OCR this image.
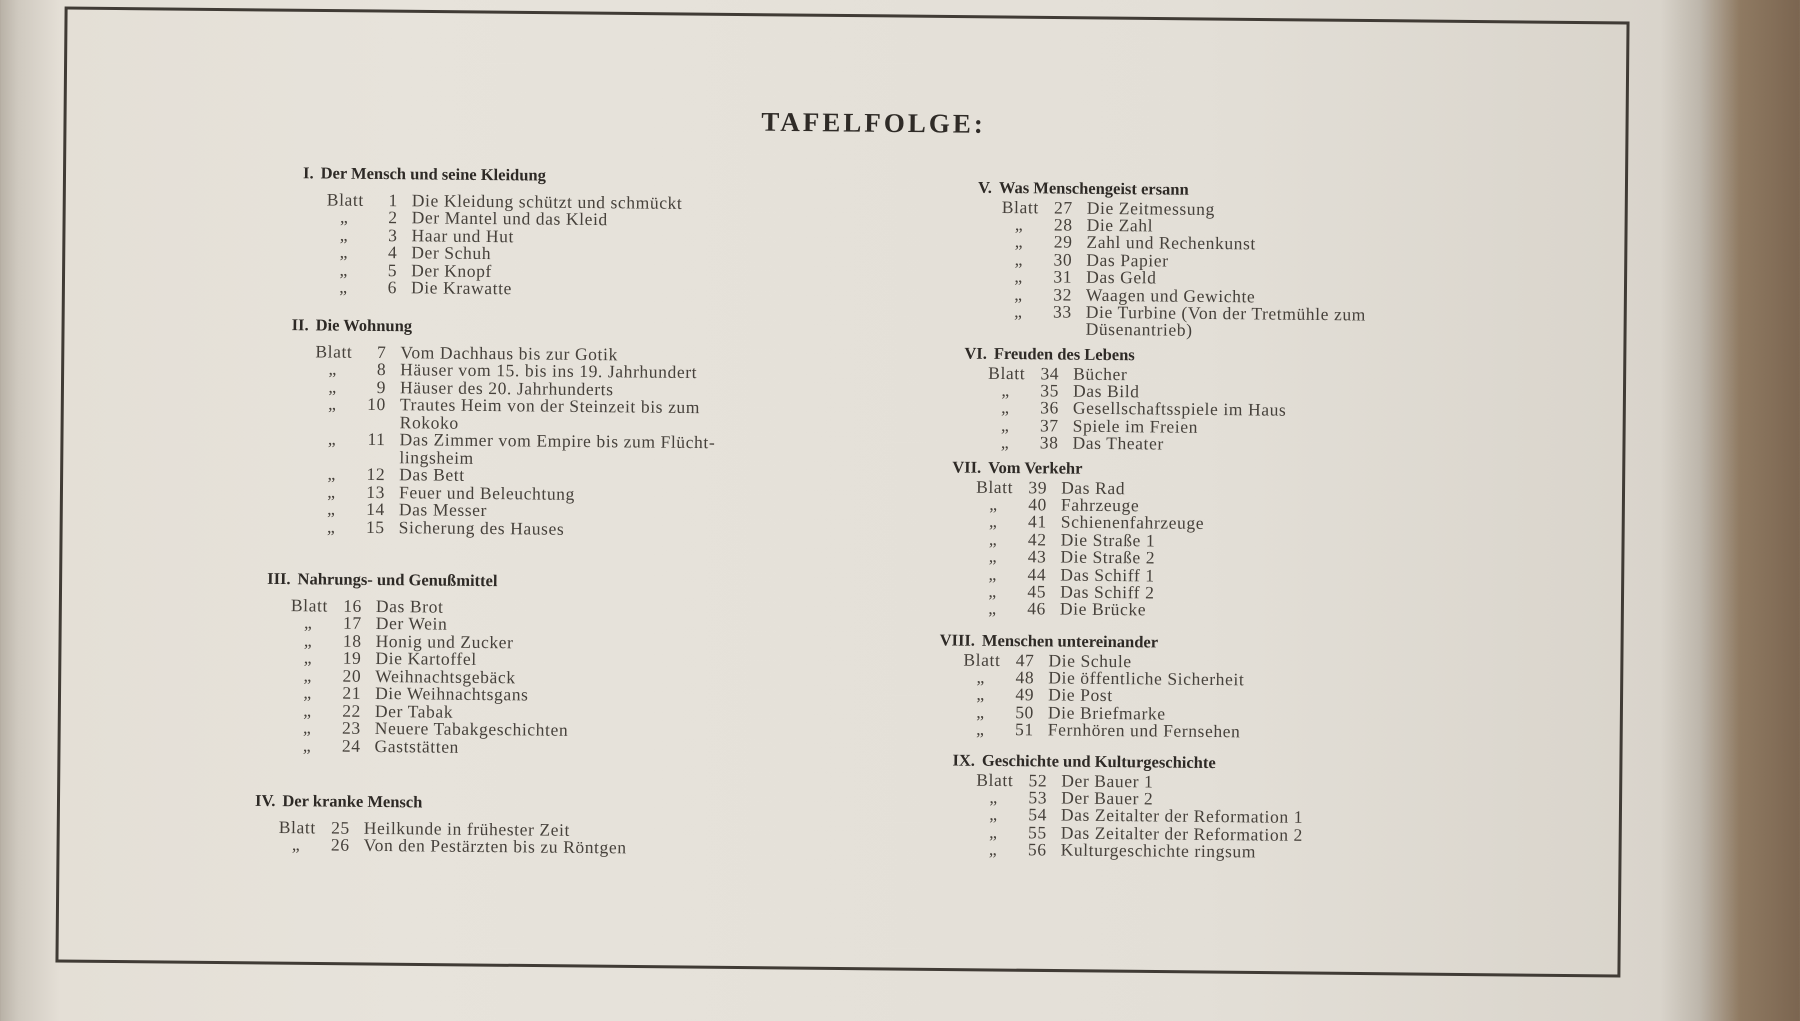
TAFELFOLGE:
I. Der Mensch und seine Kleidung
Blatt	1 Die Kleidung schützt und schmückt
„	2 Der Mantel und das Kleid
„	3 Haar und Hut
„	4 Der Schuh
„	5 Der Knopf
„	6 Die Krawatte
II. Die Wohnung
Blatt	7 Vom Dachhaus bis zur Gotik
„	8 Häuser vom 15. bis ins 19. Jahrhundert
„	9 Häuser des 20. Jahrhunderts
„	10 Trautes Heim von der Steinzeit bis zum
Rokoko
„	11 Das Zimmer vom Empire bis zum Flücht-
lingsheim
„	12 Das Bett
„	13 Feuer und Beleuchtung
„	14 Das Messer
„	15 Sicherung des Hauses
III. Nahrungs- und Genußmittel
Blatt 16 Das Brot
„	17 Der Wein
„	18 Honig und Zucker
„	19 Die Kartoffel
„	20 Weihnachtsgebäck
„	21 Die Weihnachtsgans
„	22 Der Tabak
„	23 Neuere Tabakgeschichten
„	24 Gaststätten
IV. Der kranke Mensch
Blatt 25 Heilkunde in frühester Zeit
„	26 Von den Pestärzten bis zu Röntgen
V. Was Menschengeist ersann
Blatt 27 Die Zeitmessung
„	28 Die Zahl
„	29 Zahl und Rechenkunst
„	30 Das Papier
„	31 Das Geld
„	32 Waagen und Gewichte
„	33 Die Turbine (Von der Tretmühle zum
Düsenantrieb)
VI. Freuden des Lebens
Blatt 34 Bücher
„	35 Das Bild
„	36 Gesellschaftsspiele im Haus
„	37 Spiele im Freien
„	38 Das Theater
VII. Vom Verkehr
Blatt 39 Das Rad
„	40 Fahrzeuge
„	41 Schienenfahrzeuge
„	42 Die Straße 1
„	43 Die Straße 2
„	44 Das Schiff 1
„	45 Das Schiff 2
„	46 Die Brücke
VIII. Menschen untereinander
Blatt 47 Die Schule
„	48 Die öffentliche Sicherheit
„	49 Die Post
„	50 Die Briefmarke
„	51 Fernhören und Fernsehen
IX. Geschichte und Kulturgeschichte
Blatt 52 Der Bauer 1
„	53 Der Bauer 2
„	54 Das Zeitalter der Reformation 1
„	55 Das Zeitalter der Reformation 2
„	56 Kulturgeschichte ringsum
